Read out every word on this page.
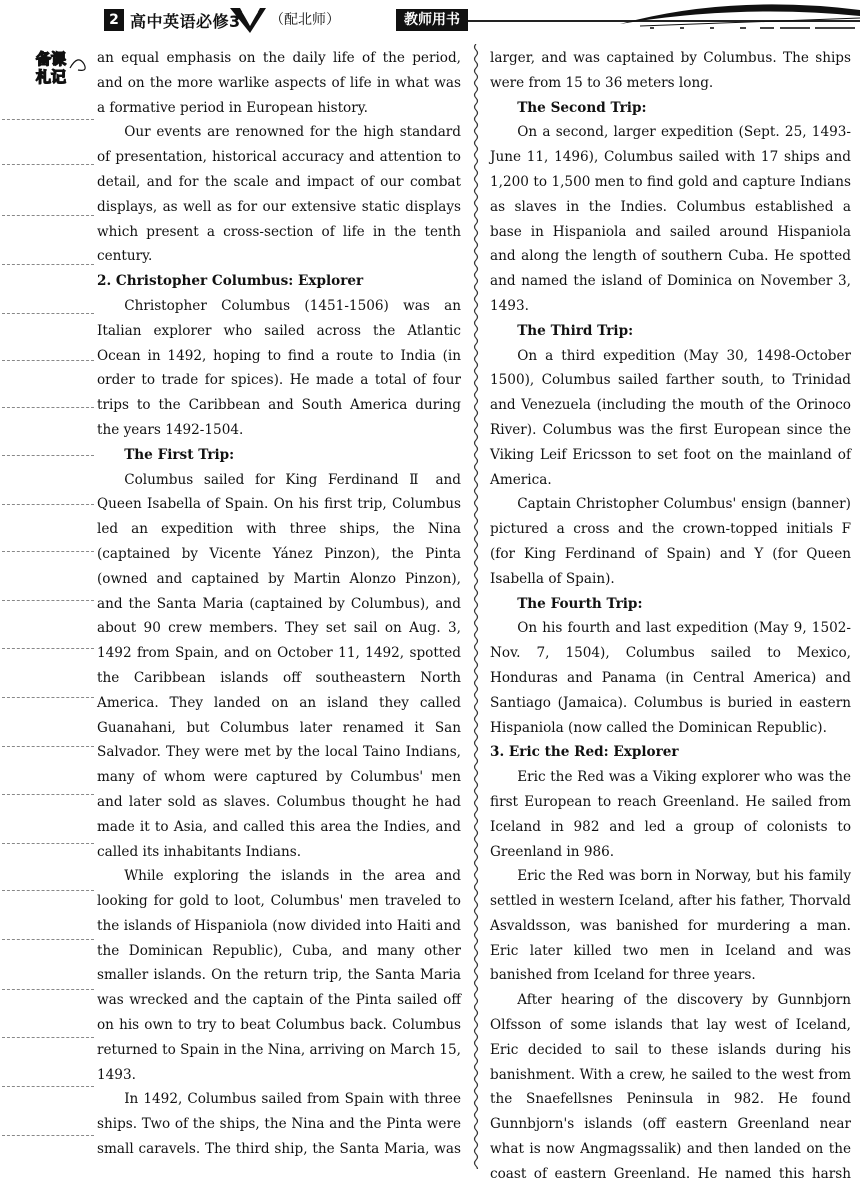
2 高中英语必修3 （配北师）	教师用书
备课
札记

an equal emphasis on the daily life of the period, and on the more warlike aspects of life in what was a formative period in European history.

Our events are renowned for the high standard of presentation, historical accuracy and attention to detail, and for the scale and impact of our combat displays, as well as for our extensive static displays which present a cross-section of life in the tenth century.

2. Christopher Columbus: Explorer

Christopher Columbus (1451-1506) was an Italian explorer who sailed across the Atlantic Ocean in 1492, hoping to find a route to India (in order to trade for spices). He made a total of four trips to the Caribbean and South America during the years 1492-1504.

The First Trip:

Columbus sailed for King Ferdinand Ⅱ and Queen Isabella of Spain. On his first trip, Columbus led an expedition with three ships, the Nina (captained by Vicente Yánez Pinzon), the Pinta (owned and captained by Martin Alonzo Pinzon), and the Santa Maria (captained by Columbus), and about 90 crew members. They set sail on Aug. 3, 1492 from Spain, and on October 11, 1492, spotted the Caribbean islands off southeastern North America. They landed on an island they called Guanahani, but Columbus later renamed it San Salvador. They were met by the local Taino Indians, many of whom were captured by Columbus' men and later sold as slaves. Columbus thought he had made it to Asia, and called this area the Indies, and called its inhabitants Indians.

While exploring the islands in the area and looking for gold to loot, Columbus' men traveled to the islands of Hispaniola (now divided into Haiti and the Dominican Republic), Cuba, and many other smaller islands. On the return trip, the Santa Maria was wrecked and the captain of the Pinta sailed off on his own to try to beat Columbus back. Columbus returned to Spain in the Nina, arriving on March 15, 1493.

In 1492, Columbus sailed from Spain with three ships. Two of the ships, the Nina and the Pinta were small caravels. The third ship, the Santa Maria, was

larger, and was captained by Columbus. The ships were from 15 to 36 meters long.

The Second Trip:

On a second, larger expedition (Sept. 25, 1493-June 11, 1496), Columbus sailed with 17 ships and 1,200 to 1,500 men to find gold and capture Indians as slaves in the Indies. Columbus established a base in Hispaniola and sailed around Hispaniola and along the length of southern Cuba. He spotted and named the island of Dominica on November 3, 1493.

The Third Trip:

On a third expedition (May 30, 1498-October 1500), Columbus sailed farther south, to Trinidad and Venezuela (including the mouth of the Orinoco River). Columbus was the first European since the Viking Leif Ericsson to set foot on the mainland of America.

Captain Christopher Columbus' ensign (banner) pictured a cross and the crown-topped initials F (for King Ferdinand of Spain) and Y (for Queen Isabella of Spain).

The Fourth Trip:

On his fourth and last expedition (May 9, 1502-Nov. 7, 1504), Columbus sailed to Mexico, Honduras and Panama (in Central America) and Santiago (Jamaica). Columbus is buried in eastern Hispaniola (now called the Dominican Republic).

3. Eric the Red: Explorer

Eric the Red was a Viking explorer who was the first European to reach Greenland. He sailed from Iceland in 982 and led a group of colonists to Greenland in 986.

Eric the Red was born in Norway, but his family settled in western Iceland, after his father, Thorvald Asvaldsson, was banished for murdering a man. Eric later killed two men in Iceland and was banished from Iceland for three years.

After hearing of the discovery by Gunnbjorn Olfsson of some islands that lay west of Iceland, Eric decided to sail to these islands during his banishment. With a crew, he sailed to the west from the Snaefellsnes Peninsula in 982. He found Gunnbjorn's islands (off eastern Greenland near what is now Angmagssalik) and then landed on the coast of eastern Greenland. He named this harsh
